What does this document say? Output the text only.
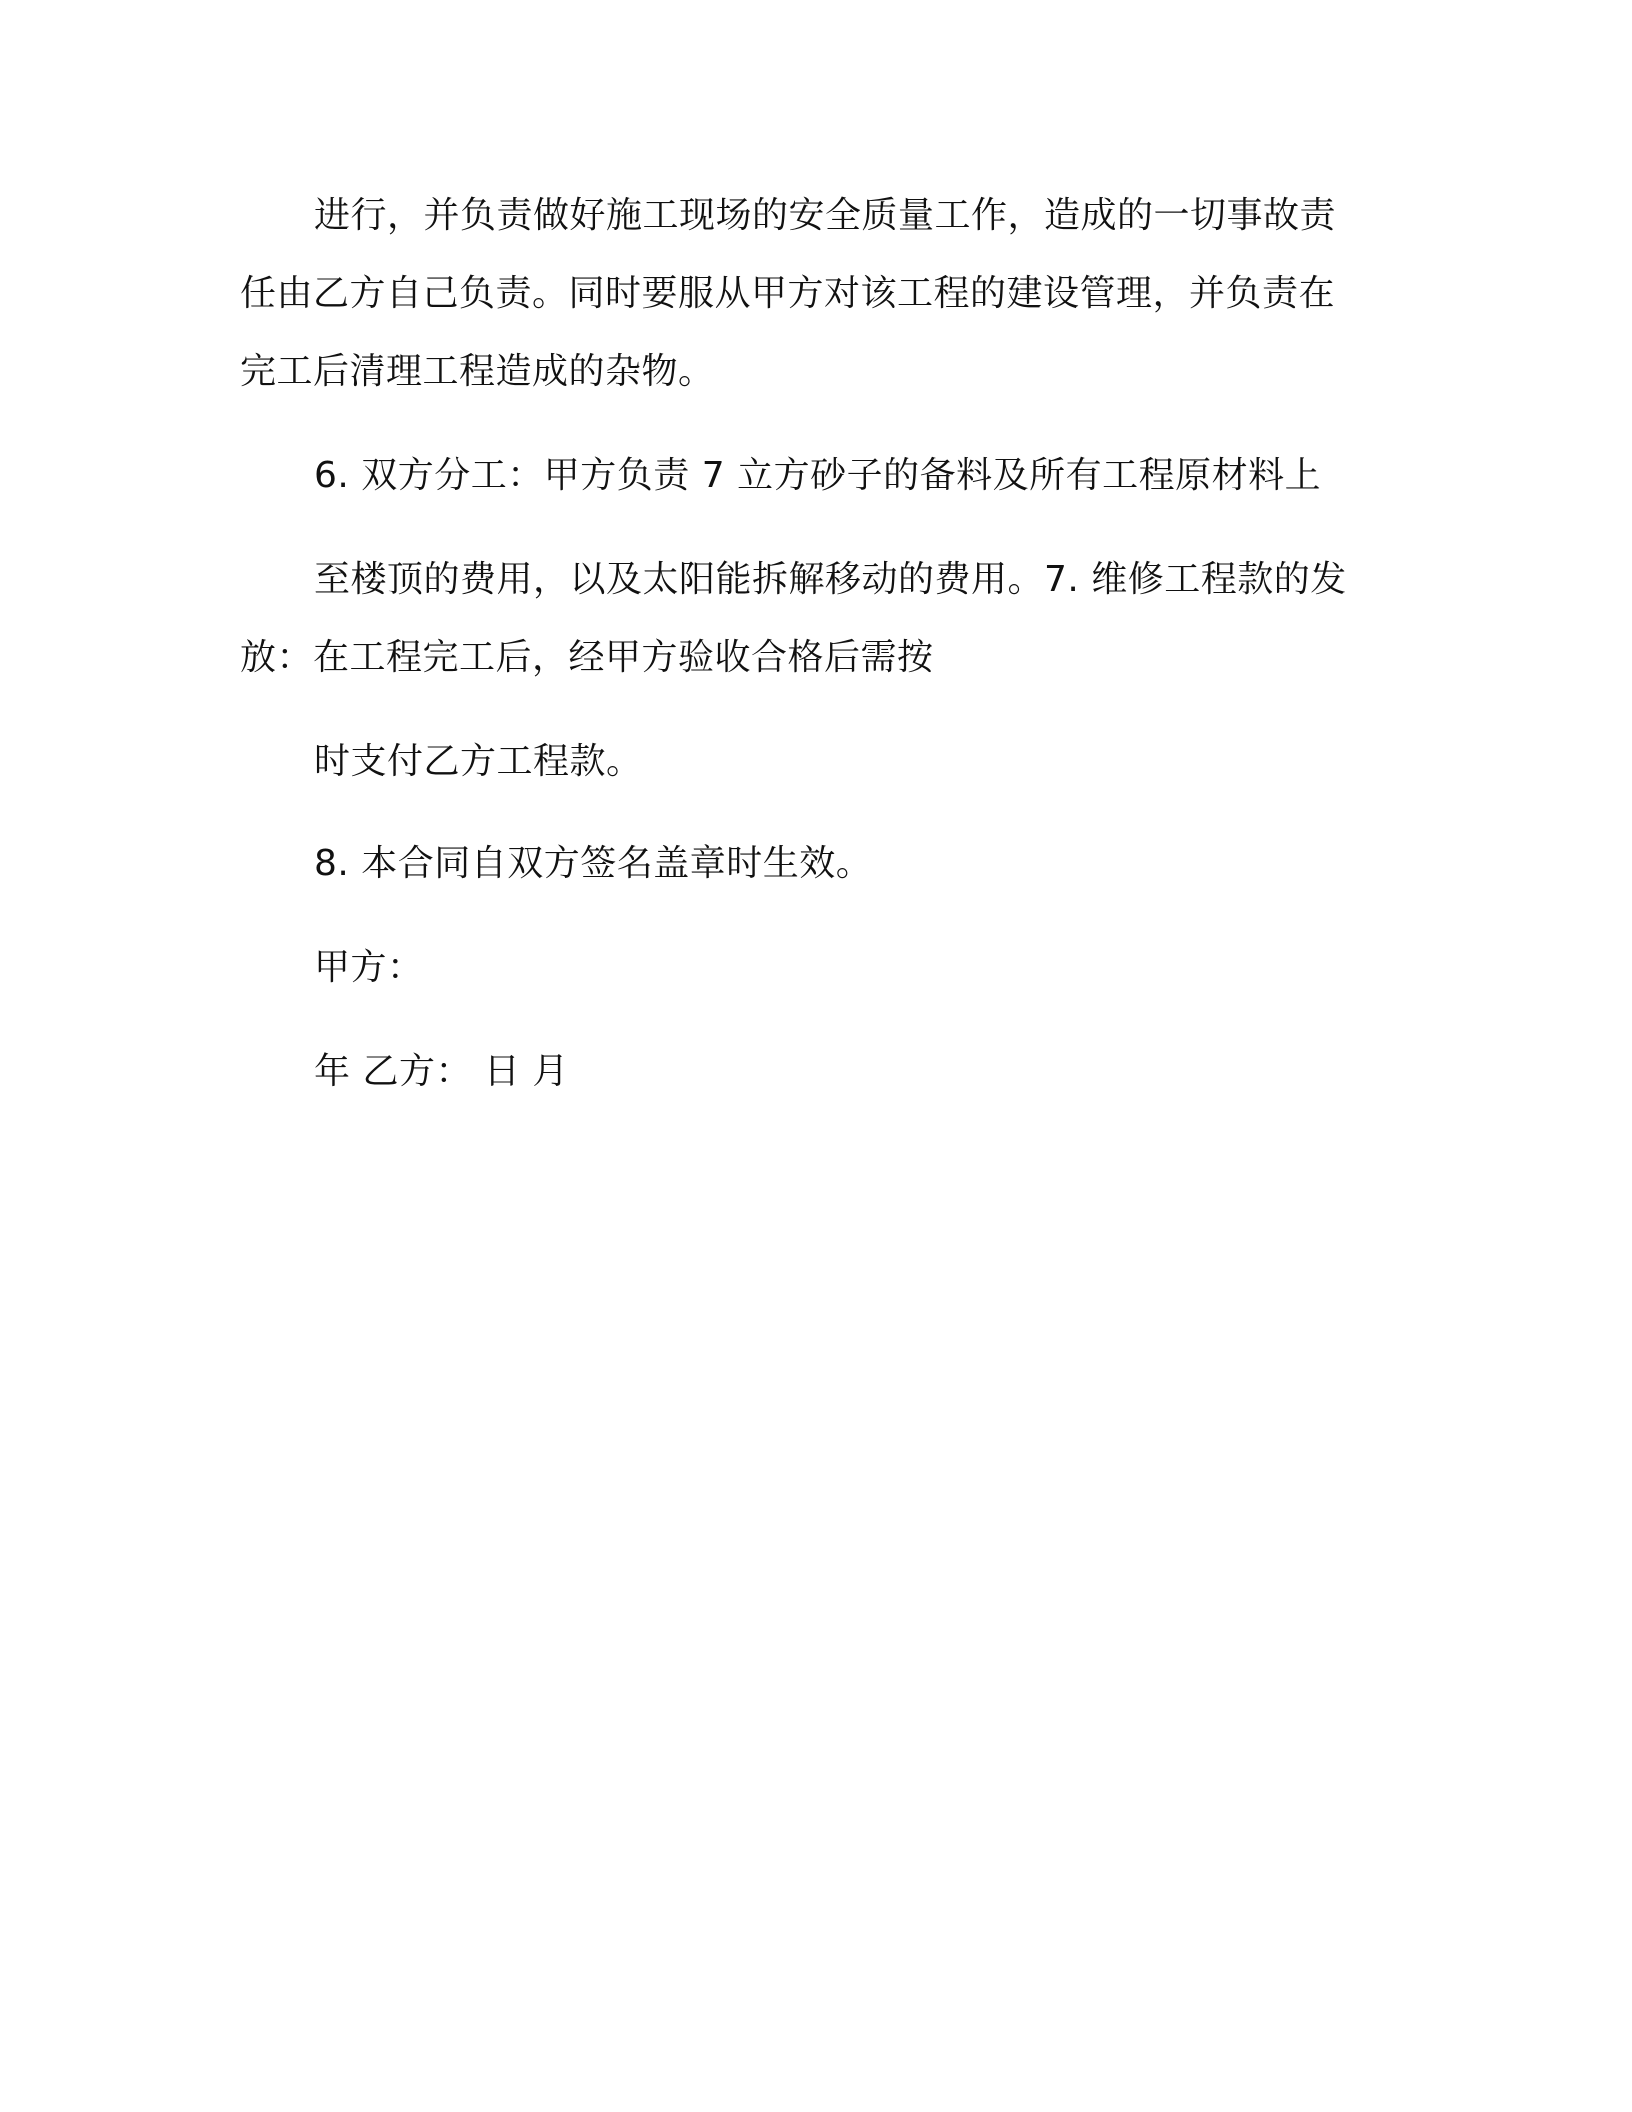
进行，并负责做好施工现场的安全质量工作，造成的一切事故责
任由乙方自己负责。同时要服从甲方对该工程的建设管理，并负责在
完工后清理工程造成的杂物。
6. 双方分工：甲方负责 7 立方砂子的备料及所有工程原材料上
至楼顶的费用，以及太阳能拆解移动的费用。7. 维修工程款的发
放：在工程完工后，经甲方验收合格后需按
时支付乙方工程款。
8. 本合同自双方签名盖章时生效。
甲方：
年 乙方： 日 月
